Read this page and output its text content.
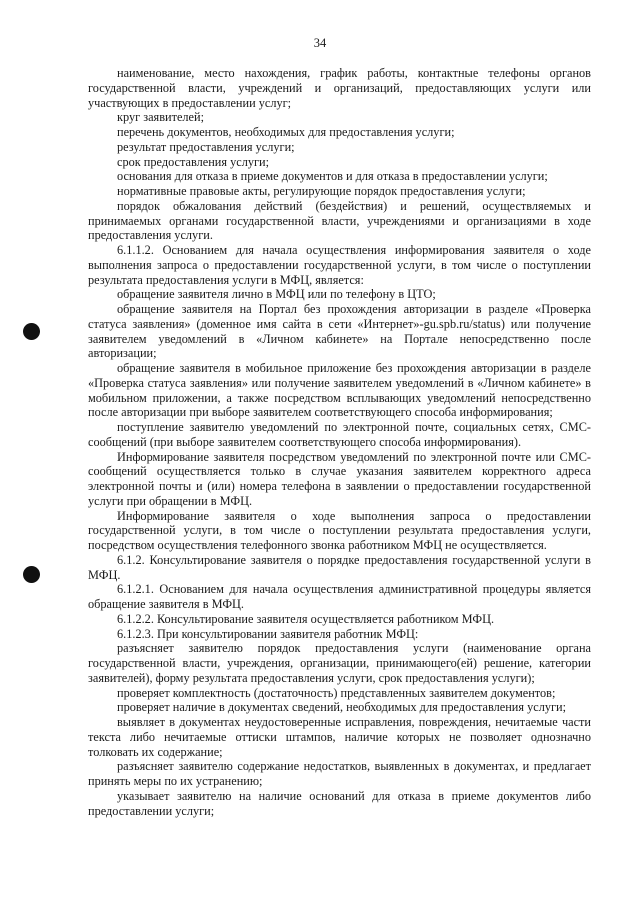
34

наименование, место нахождения, график работы, контактные телефоны органов государственной власти, учреждений и организаций, предоставляющих услуги или участвующих в предоставлении услуг;

круг заявителей;

перечень документов, необходимых для предоставления услуги;

результат предоставления услуги;

срок предоставления услуги;

основания для отказа в приеме документов и для отказа в предоставлении услуги;

нормативные правовые акты, регулирующие порядок предоставления услуги;

порядок обжалования действий (бездействия) и решений, осуществляемых и принимаемых органами государственной власти, учреждениями и организациями в ходе предоставления услуги.

6.1.1.2. Основанием для начала осуществления информирования заявителя о ходе выполнения запроса о предоставлении государственной услуги, в том числе о поступлении результата предоставления услуги в МФЦ, является:

обращение заявителя лично в МФЦ или по телефону в ЦТО;

обращение заявителя на Портал без прохождения авторизации в разделе «Проверка статуса заявления» (доменное имя сайта в сети «Интернет»-gu.spb.ru/status) или получение заявителем уведомлений в «Личном кабинете» на Портале непосредственно после авторизации;

обращение заявителя в мобильное приложение без прохождения авторизации в разделе «Проверка статуса заявления» или получение заявителем уведомлений в «Личном кабинете» в мобильном приложении, а также посредством всплывающих уведомлений непосредственно после авторизации при выборе заявителем соответствующего способа информирования;

поступление заявителю уведомлений по электронной почте, социальных сетях, СМС-сообщений (при выборе заявителем соответствующего способа информирования).

Информирование заявителя посредством уведомлений по электронной почте или СМС-сообщений осуществляется только в случае указания заявителем корректного адреса электронной почты и (или) номера телефона в заявлении о предоставлении государственной услуги при обращении в МФЦ.

Информирование заявителя о ходе выполнения запроса о предоставлении государственной услуги, в том числе о поступлении результата предоставления услуги, посредством осуществления телефонного звонка работником МФЦ не осуществляется.

6.1.2. Консультирование заявителя о порядке предоставления государственной услуги в МФЦ.

6.1.2.1. Основанием для начала осуществления административной процедуры является обращение заявителя в МФЦ.

6.1.2.2. Консультирование заявителя осуществляется работником МФЦ.

6.1.2.3. При консультировании заявителя работник МФЦ:

разъясняет заявителю порядок предоставления услуги (наименование органа государственной власти, учреждения, организации, принимающего(ей) решение, категории заявителей), форму результата предоставления услуги, срок предоставления услуги);

проверяет комплектность (достаточность) представленных заявителем документов;

проверяет наличие в документах сведений, необходимых для предоставления услуги;

выявляет в документах неудостоверенные исправления, повреждения, нечитаемые части текста либо нечитаемые оттиски штампов, наличие которых не позволяет однозначно толковать их содержание;

разъясняет заявителю содержание недостатков, выявленных в документах, и предлагает принять меры по их устранению;

указывает заявителю на наличие оснований для отказа в приеме документов либо предоставлении услуги;
